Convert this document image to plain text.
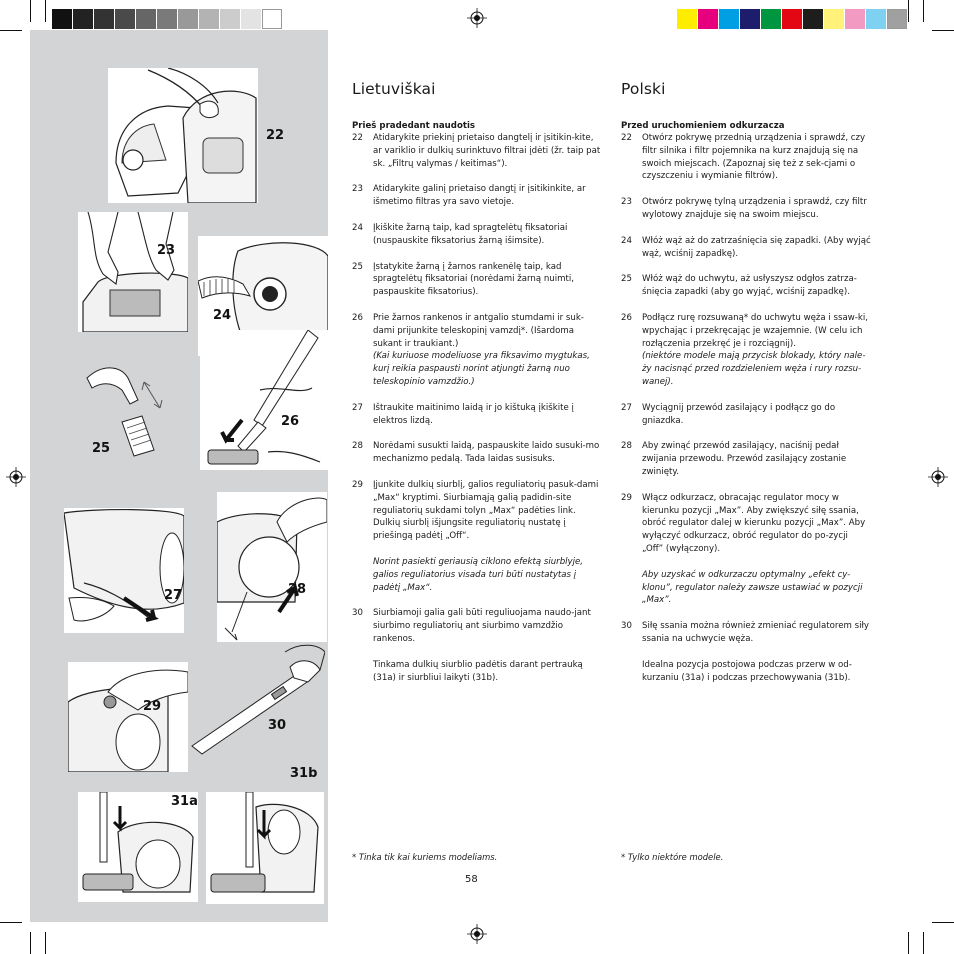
22
23
24
25
26
27	28
29
30
31a
31b
Lietuviškai
Prieš pradedant naudotis
22	Atidarykite priekinį prietaiso dangtelį ir įsitikin-kite, ar variklio ir dulkių surinktuvo filtrai įdėti (žr. taip pat sk. „Filtrų valymas / keitimas“).
23	Atidarykite galinį prietaiso dangtį ir įsitikinkite, ar išmetimo filtras yra savo vietoje.
24	Įkiškite žarną taip, kad spragtelėtų fiksatoriai (nuspauskite fiksatorius žarną išimsite).
25	Įstatykite žarną į žarnos rankenėlę taip, kad spragtelėtų fiksatoriai (norėdami žarną nuimti, paspauskite fiksatorius).
26	Prie žarnos rankenos ir antgalio stumdami ir suk-dami prijunkite teleskopinį vamzdį*. (Išardoma sukant ir traukiant.)
(Kai kuriuose modeliuose yra fiksavimo mygtukas, kurį reikia paspausti norint atjungti žarną nuo teleskopinio vamzdžio.)
27	Ištraukite maitinimo laidą ir jo kištuką įkiškite į elektros lizdą.
28	Norėdami susukti laidą, paspauskite laido susuki-mo mechanizmo pedalą. Tada laidas susisuks.
29	Įjunkite dulkių siurblį, galios reguliatorių pasuk-dami „Max“ kryptimi. Siurbiamąją galią padidin-site reguliatorių sukdami tolyn „Max“ padėties link. Dulkių siurblį išjungsite reguliatorių nustatę į priešingą padėtį „Off“.
Norint pasiekti geriausią ciklono efektą siurblyje, galios reguliatorius visada turi būti nustatytas į padėtį „Max“.
30	Siurbiamoji galia gali būti reguliuojama naudo-jant siurbimo reguliatorių ant siurbimo vamzdžio rankenos.
Tinkama dulkių siurblio padėtis darant pertrauką (31a) ir siurbliui laikyti (31b).
* Tinka tik kai kuriems modeliams.
Polski
Przed uruchomieniem odkurzacza
22	Otwórz pokrywę przednią urządzenia i sprawdź, czy filtr silnika i filtr pojemnika na kurz znajdują się na swoich miejscach. (Zapoznaj się też z sek-cjami o czyszczeniu i wymianie filtrów).
23	Otwórz pokrywę tylną urządzenia i sprawdź, czy filtr wylotowy znajduje się na swoim miejscu.
24	Włóż wąż aż do zatrzaśnięcia się zapadki. (Aby wyjąć wąż, wciśnij zapadkę).
25	Włóż wąż do uchwytu, aż usłyszysz odgłos zatrza-śnięcia zapadki (aby go wyjąć, wciśnij zapadkę).
26	Podłącz rurę rozsuwaną* do uchwytu węża i ssaw-ki, wpychając i przekręcając je wzajemnie. (W celu ich rozłączenia przekręć je i rozciągnij).
(niektóre modele mają przycisk blokady, który nale-ży nacisnąć przed rozdzieleniem węża i rury rozsu-wanej).
27	Wyciągnij przewód zasilający i podłącz go do gniazdka.
28	Aby zwinąć przewód zasilający, naciśnij pedał zwijania przewodu. Przewód zasilający zostanie zwinięty.
29	Włącz odkurzacz, obracając regulator mocy w kierunku pozycji „Max”. Aby zwiększyć siłę ssania, obróć regulator dalej w kierunku pozycji „Max”. Aby wyłączyć odkurzacz, obróć regulator do po-zycji „Off” (wyłączony).
Aby uzyskać w odkurzaczu optymalny „efekt cy-klonu”, regulator należy zawsze ustawiać w pozycji „Max”.
30	Siłę ssania można również zmieniać regulatorem siły ssania na uchwycie węża.
Idealna pozycja postojowa podczas przerw w od-kurzaniu (31a) i podczas przechowywania (31b).
* Tylko niektóre modele.
58
